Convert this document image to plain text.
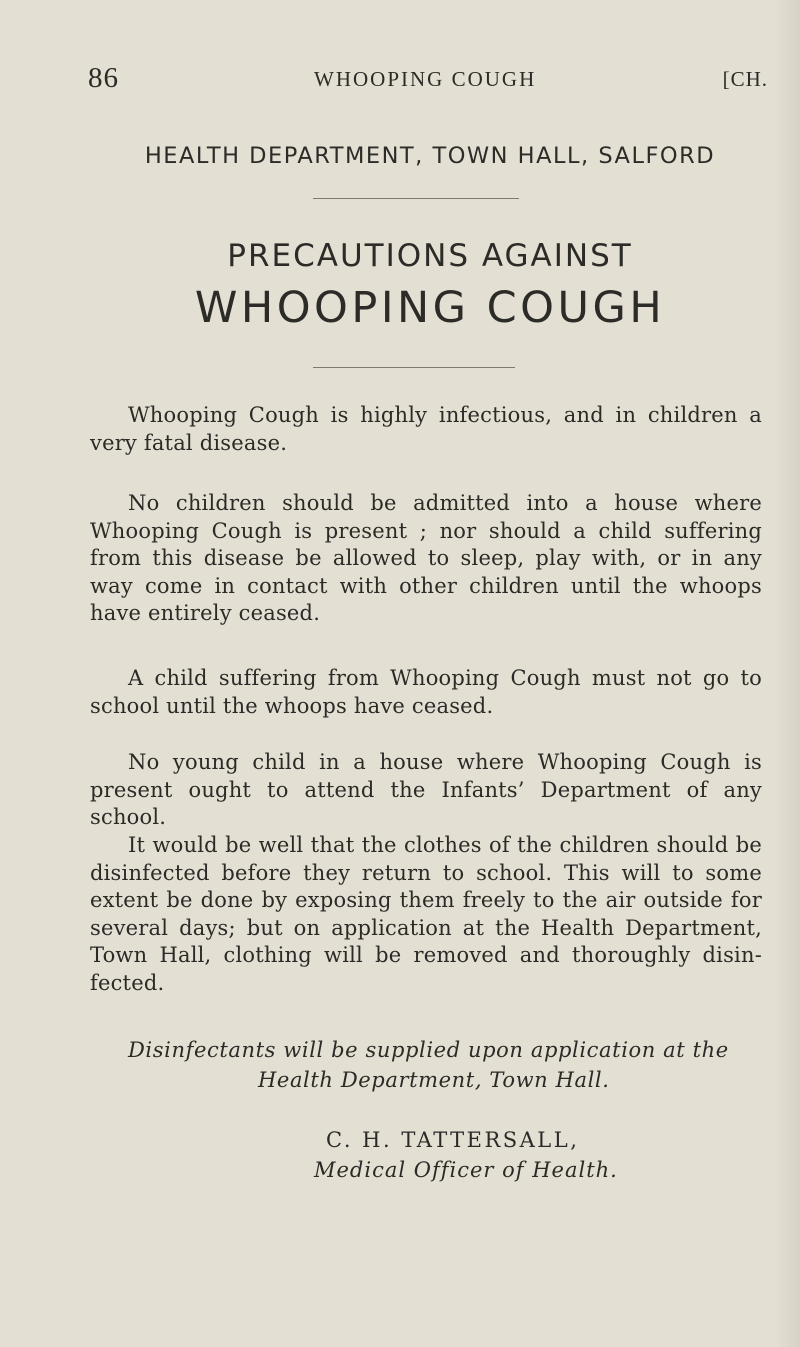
86	WHOOPING COUGH	[CH.
HEALTH DEPARTMENT, TOWN HALL, SALFORD
PRECAUTIONS AGAINST
WHOOPING COUGH

Whooping Cough is highly infectious, and in children a very fatal disease.

No children should be admitted into a house where Whooping Cough is present ; nor should a child suffering from this disease be allowed to sleep, play with, or in any way come in contact with other children until the whoops have entirely ceased.

A child suffering from Whooping Cough must not go to school until the whoops have ceased.

No young child in a house where Whooping Cough is present ought to attend the Infants’ Department of any school.

It would be well that the clothes of the children should be disinfected before they return to school. This will to some extent be done by exposing them freely to the air outside for several days; but on application at the Health Department, Town Hall, clothing will be removed and thoroughly disin-fected.

Disinfectants will be supplied upon application at the
Health Department, Town Hall.

C. H. TATTERSALL,
Medical Officer of Health.
